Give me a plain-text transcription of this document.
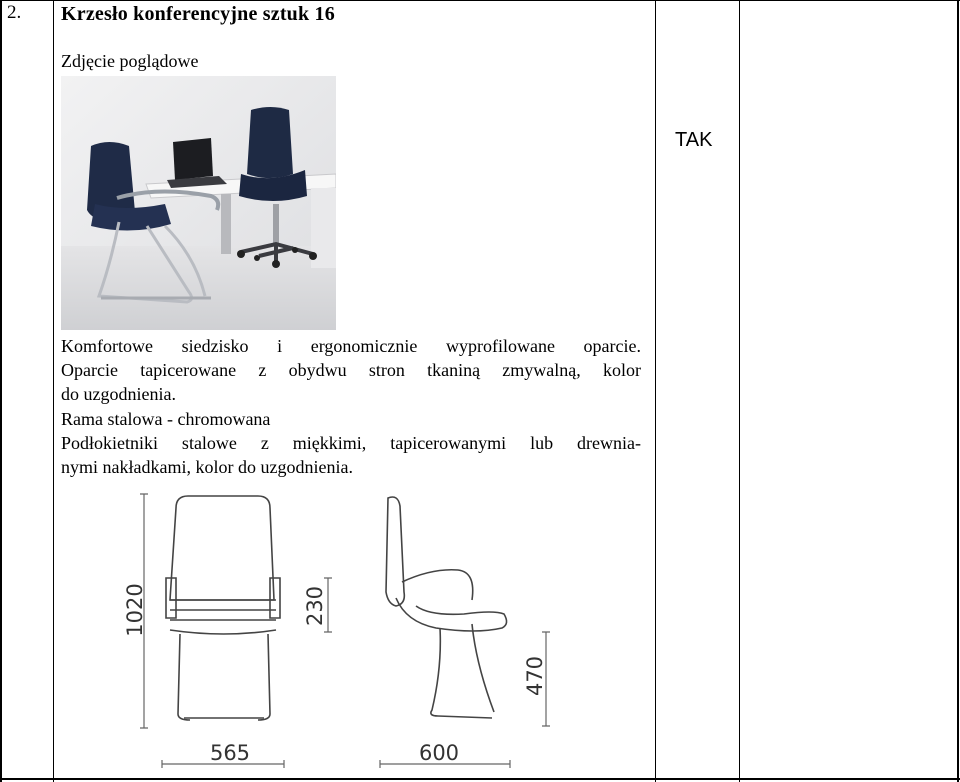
2. Krzesło konferencyjne sztuk 16
Zdjęcie poglądowe
TAK
Komfortowe siedzisko i ergonomicznie wyprofilowane oparcie.
Oparcie tapicerowane z obydwu stron tkaniną zmywalną, kolor
do uzgodnienia.
Rama stalowa - chromowana
Podłokietniki stalowe z miękkimi, tapicerowanymi lub drewnia-
nymi nakładkami, kolor do uzgodnienia.
1020	230
470
565	600
